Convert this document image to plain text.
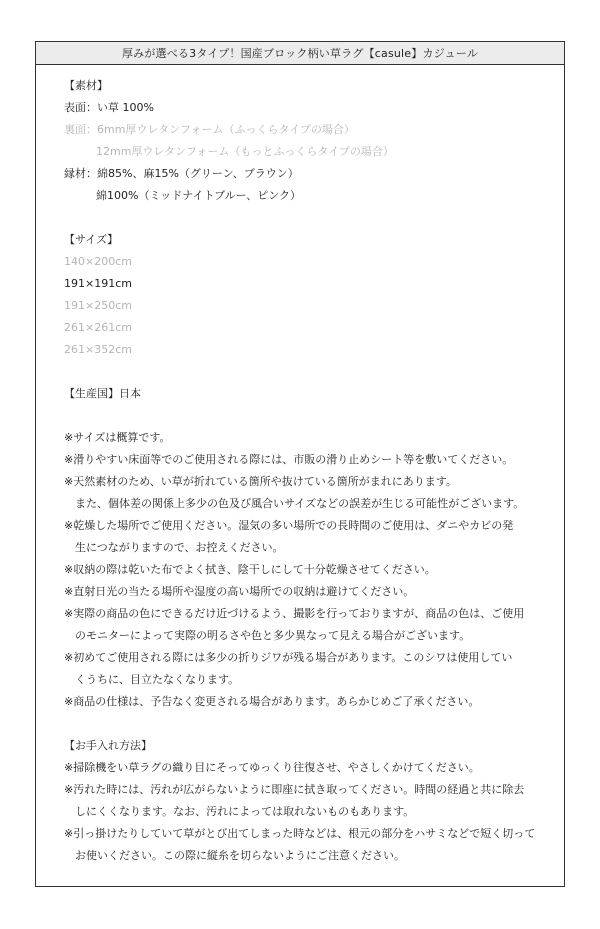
厚みが選べる3タイプ！国産ブロック柄い草ラグ【casule】カジュール
【素材】
表面：い草 100%
裏面：6mm厚ウレタンフォーム（ふっくらタイプの場合）
12mm厚ウレタンフォーム（もっとふっくらタイプの場合）
縁材：綿85%、麻15%（グリーン、ブラウン）
綿100%（ミッドナイトブルー、ピンク）
【サイズ】
140×200cm
191×191cm
191×250cm
261×261cm
261×352cm
【生産国】日本
※サイズは概算です。
※滑りやすい床面等でのご使用される際には、市販の滑り止めシート等を敷いてください。
※天然素材のため、い草が折れている箇所や抜けている箇所がまれにあります。
　また、個体差の関係上多少の色及び風合いサイズなどの誤差が生じる可能性がございます。
※乾燥した場所でご使用ください。湿気の多い場所での長時間のご使用は、ダニやカビの発
　生につながりますので、お控えください。
※収納の際は乾いた布でよく拭き、陰干しにして十分乾燥させてください。
※直射日光の当たる場所や湿度の高い場所での収納は避けてください。
※実際の商品の色にできるだけ近づけるよう、撮影を行っておりますが、商品の色は、ご使用
　のモニターによって実際の明るさや色と多少異なって見える場合がございます。
※初めてご使用される際には多少の折りジワが残る場合があります。このシワは使用してい
　くうちに、目立たなくなります。
※商品の仕様は、予告なく変更される場合があります。あらかじめご了承ください。
【お手入れ方法】
※掃除機をい草ラグの織り目にそってゆっくり往復させ、やさしくかけてください。
※汚れた時には、汚れが広がらないように即座に拭き取ってください。時間の経過と共に除去
　しにくくなります。なお、汚れによっては取れないものもあります。
※引っ掛けたりしていて草がとび出てしまった時などは、根元の部分をハサミなどで短く切って
　お使いください。この際に縦糸を切らないようにご注意ください。
